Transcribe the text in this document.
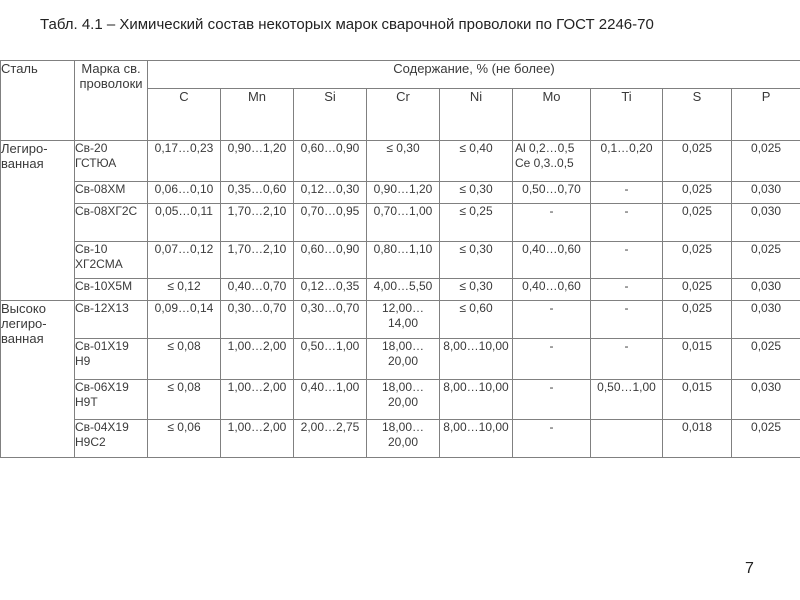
Табл. 4.1 – Химический состав некоторых марок сварочной проволоки по ГОСТ 2246-70
Сталь	Марка св. проволоки	Содержание, % (не более)								
		C	Mn	Si	Cr	Ni	Mo	Ti	S	P
Легиро-ванная	Св-20 ГСТЮА	0,17…0,23	0,90…1,20	0,60…0,90	≤ 0,30	≤ 0,40	Al 0,2…0,5 Ce 0,3..0,5	0,1…0,20	0,025	0,025
	Св-08ХМ	0,06…0,10	0,35…0,60	0,12…0,30	0,90…1,20	≤ 0,30	0,50…0,70	-	0,025	0,030
	Св-08ХГ2С	0,05…0,11	1,70…2,10	0,70…0,95	0,70…1,00	≤ 0,25	-	-	0,025	0,030
	Св-10 ХГ2СМА	0,07…0,12	1,70…2,10	0,60…0,90	0,80…1,10	≤ 0,30	0,40…0,60	-	0,025	0,025
	Св-10Х5М	≤ 0,12	0,40…0,70	0,12…0,35	4,00…5,50	≤ 0,30	0,40…0,60	-	0,025	0,030
Высоко легиро-ванная	Св-12Х13	0,09…0,14	0,30…0,70	0,30…0,70	12,00…14,00	≤ 0,60	-	-	0,025	0,030
	Св-01Х19 Н9	≤ 0,08	1,00…2,00	0,50…1,00	18,00…20,00	8,00…10,00	-	-	0,015	0,025
	Св-06Х19 Н9Т	≤ 0,08	1,00…2,00	0,40…1,00	18,00…20,00	8,00…10,00	-	0,50…1,00	0,015	0,030
	Св-04Х19 Н9С2	≤ 0,06	1,00…2,00	2,00…2,75	18,00…20,00	8,00…10,00	-		0,018	0,025
7
